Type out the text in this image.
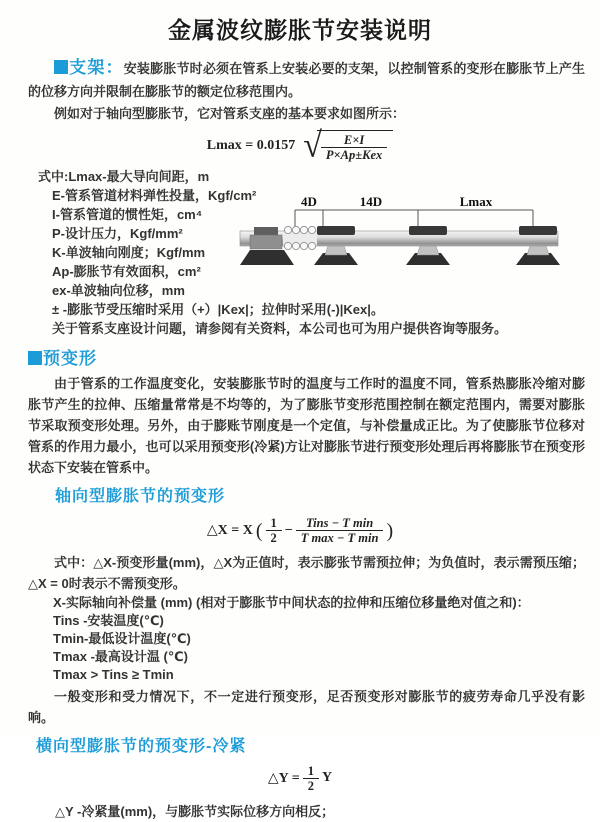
金属波纹膨胀节安装说明

支架：安装膨胀节时必须在管系上安装必要的支架，以控制管系的变形在膨胀节上产生的位移方向并限制在膨胀节的额定位移范围内。

例如对于轴向型膨胀节，它对管系支座的基本要求如图所示：

Lmax = 0.0157 √ $\frac{E\times I}{\text{P×Ap±Kex}}$
式中:Lmax-最大导向间距，m
E-管系管道材料弹性投量，Kgf/cm²
I-管系管道的惯性矩，cm⁴
P-设计压力，Kgf/mm²
K-单波轴向刚度；Kgf/mm
Ap-膨胀节有效面积，cm²
ex-单波轴向位移，mm
± -膨胀节受压缩时采用（+）|Kex|；拉伸时采用(-)|Kex|。
关于管系支座设计问题，请参阅有关资料，本公司也可为用户提供咨询等服务。
4D	14D	Lmax

预变形

由于管系的工作温度变化，安装膨胀节时的温度与工作时的温度不同，管系热膨胀冷缩对膨胀节产生的拉伸、压缩量常常是不均等的，为了膨胀节变形范围控制在额定范围内，需要对膨胀节采取预变形处理。另外，由于膨账节刚度是一个定值，与补偿量成正比。为了使膨胀节位移对管系的作用力最小，也可以采用预变形(冷紧)方让对膨胀节进行预变形处理后再将膨胀节在预变形状态下安装在管系中。

轴向型膨胀节的预变形
△X = X ( $\frac{1}{2} - \frac{\text{Tins − T min}}{\text{T max − T min}}$ )

式中：△X-预变形量(mm)，△X为正值时，表示膨张节需预拉伸；为负值时，表示需预压缩；△X = 0时表示不需预变形。

X-实际轴向补偿量 (mm) (相对于膨胀节中间状态的拉伸和压缩位移量绝对值之和)：
Tins -安装温度(℃)
Tmin-最低设计温度(℃)
Tmax -最高设计温 (℃)
Tmax > Tins ≥ Tmin

一般变形和受力情况下，不一定进行预变形，足否预变形对膨胀节的疲劳寿命几乎没有影响。

横向型膨胀节的预变形-冷紧
△Y = $\frac{1}{2}$ Y

△Y -冷紧量(mm)，与膨胀节实际位移方向相反；
